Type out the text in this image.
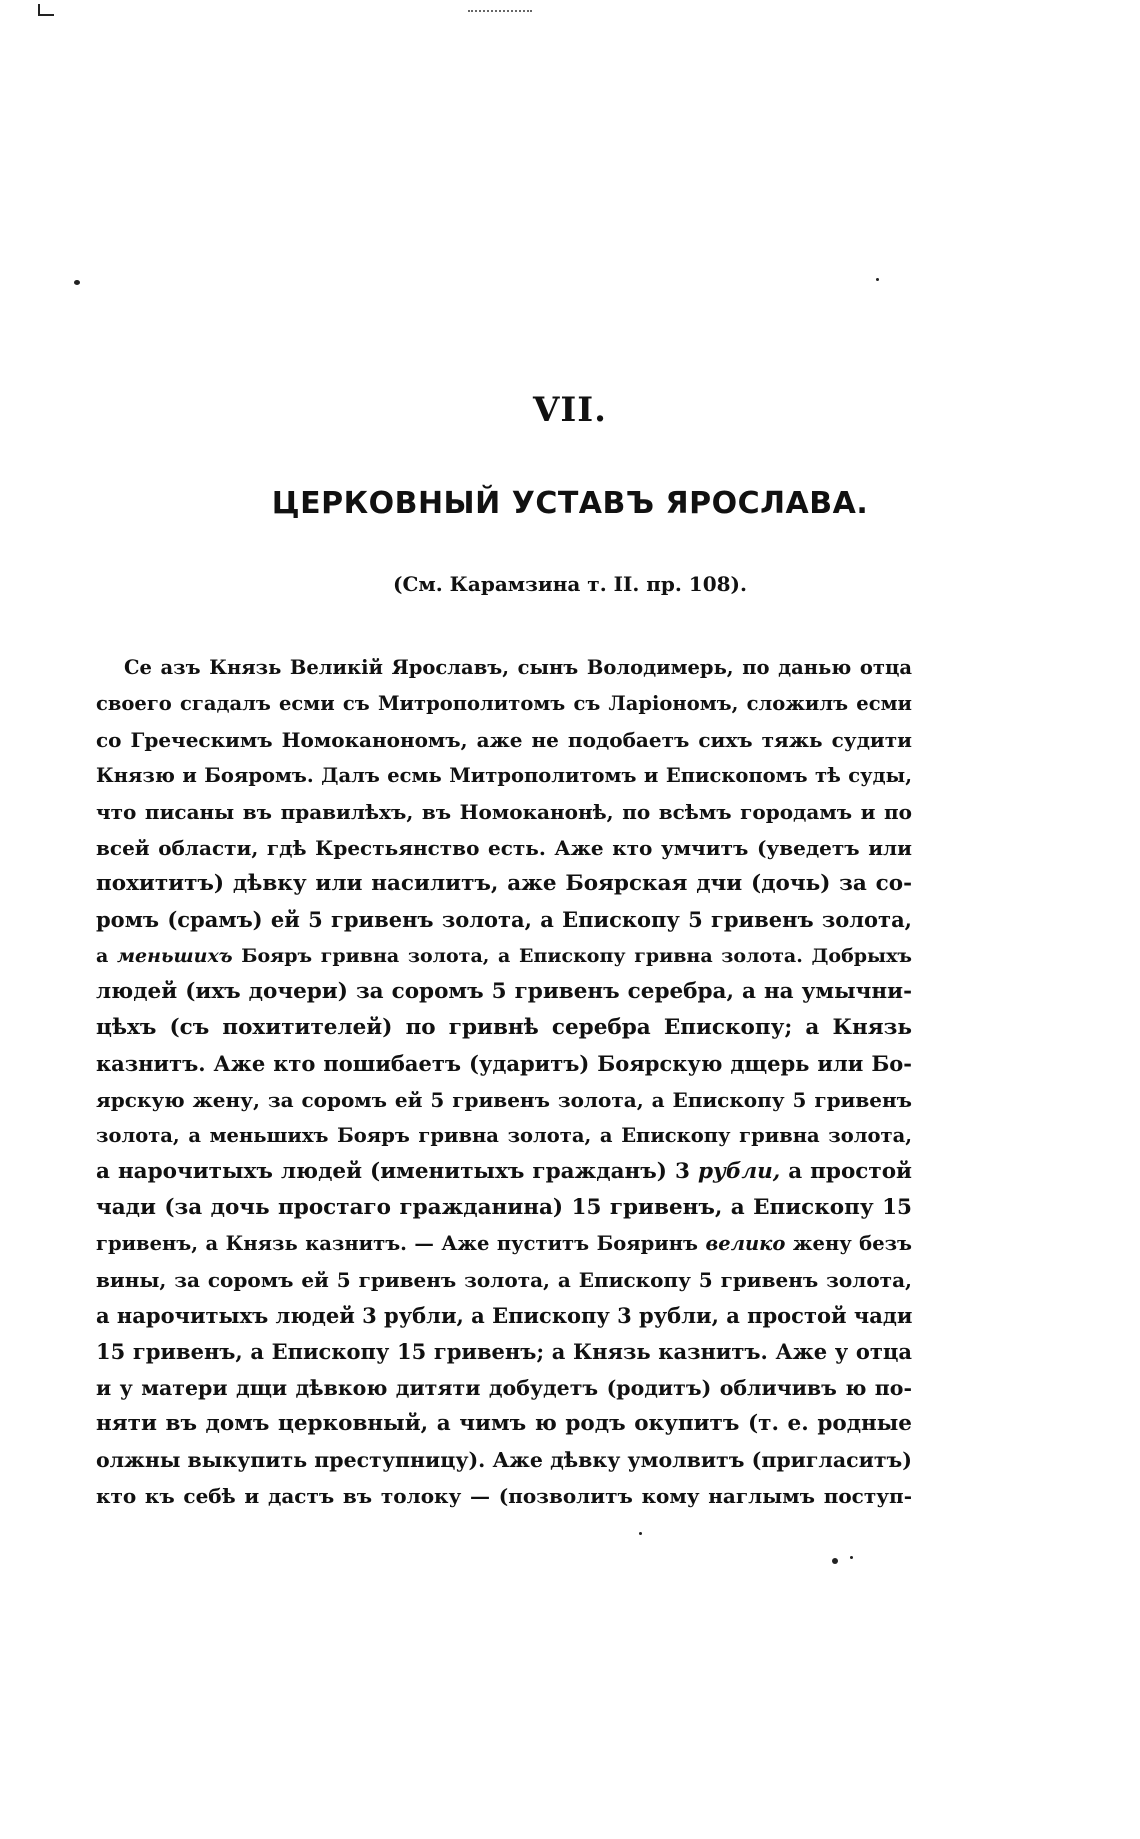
VII.
ЦЕРКОВНЫЙ УСТАВЪ ЯРОСЛАВА.
(См. Карамзина т. II. пр. 108).
Се азъ Князь Великiй Ярославъ, сынъ Володимерь, по данью отца
своего сгадалъ есми съ Митрополитомъ съ Ларiономъ, сложилъ есми
со Греческимъ Номоканономъ, аже не подобаетъ сихъ тяжь судити
Князю и Бояромъ. Далъ есмь Митрополитомъ и Епископомъ тѣ суды,
что писаны въ правилѣхъ, въ Номоканонѣ, по всѣмъ городамъ и по
всей области, гдѣ Крестьянство есть. Аже кто умчитъ (уведетъ или
похититъ) дѣвку или насилитъ, аже Боярская дчи (дочь) за со-
ромъ (срамъ) ей 5 гривенъ золота, а Епископу 5 гривенъ золота,
а меньшихъ Бояръ гривна золота, а Епископу гривна золота. Добрыхъ
людей (ихъ дочери) за соромъ 5 гривенъ серебра, а на умычни-
цѣхъ (съ похитителей) по гривнѣ серебра Епископу; а Князь
казнитъ. Аже кто пошибаетъ (ударитъ) Боярскую дщерь или Бо-
ярскую жену, за соромъ ей 5 гривенъ золота, а Епископу 5 гривенъ
золота, а меньшихъ Бояръ гривна золота, а Епископу гривна золота,
а нарочитыхъ людей (именитыхъ гражданъ) 3 рубли, а простой
чади (за дочь простаго гражданина) 15 гривенъ, а Епископу 15
гривенъ, а Князь казнитъ. — Аже пуститъ Бояринъ велико жену безъ
вины, за соромъ ей 5 гривенъ золота, а Епископу 5 гривенъ золота,
а нарочитыхъ людей 3 рубли, а Епископу 3 рубли, а простой чади
15 гривенъ, а Епископу 15 гривенъ; а Князь казнитъ. Аже у отца
и у матери дщи дѣвкою дитяти добудетъ (родитъ) обличивъ ю по-
няти въ домъ церковный, а чимъ ю родъ окупитъ (т. е. родные
олжны выкупить преступницу). Аже дѣвку умолвитъ (пригласитъ)
кто къ себѣ и дастъ въ толоку — (позволитъ кому наглымъ поступ-
